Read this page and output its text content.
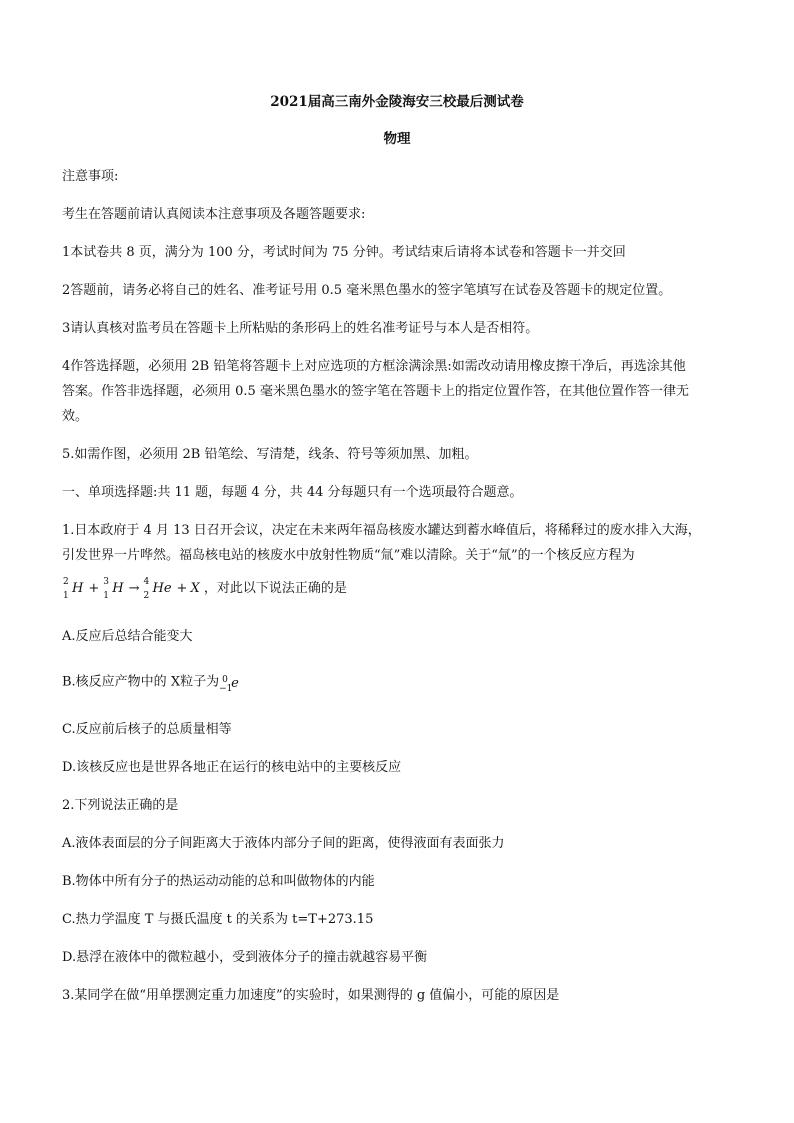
2021届高三南外金陵海安三校最后测试卷
物理
注意事项:
考生在答题前请认真阅读本注意事项及各题答题要求:
1本试卷共 8 页，满分为 100 分，考试时间为 75 分钟。考试结束后请将本试卷和答题卡一并交回
2答题前，请务必将自己的姓名、准考证号用 0.5 毫米黑色墨水的签字笔填写在试卷及答题卡的规定位置。
3请认真核对监考员在答题卡上所粘贴的条形码上的姓名准考证号与本人是否相符。
4作答选择题，必须用 2B 铅笔将答题卡上对应选项的方框涂满涂黑:如需改动请用橡皮擦干净后，再选涂其他
答案。作答非选择题，必须用 0.5 毫米黑色墨水的签字笔在答题卡上的指定位置作答，在其他位置作答一律无
效。
5.如需作图，必须用 2B 铅笔绘、写清楚，线条、符号等须加黑、加粗。
一、单项选择题:共 11 题，每题 4 分，共 44 分每题只有一个选项最符合题意。
1.日本政府于 4 月 13 日召开会议，决定在未来两年福岛核废水罐达到蓄水峰值后，将稀释过的废水排入大海，
引发世界一片哗然。福岛核电站的核废水中放射性物质“氚”难以清除。关于“氚”的一个核反应方程为
2
1 H + 3
1 H → 4
2 He + X ，对此以下说法正确的是
A.反应后总结合能变大
B.核反应产物中的 X粒子为 0
−1
e
C.反应前后核子的总质量相等
D.该核反应也是世界各地正在运行的核电站中的主要核反应
2.下列说法正确的是
A.液体表面层的分子间距离大于液体内部分子间的距离，使得液面有表面张力
B.物体中所有分子的热运动动能的总和叫做物体的内能
C.热力学温度 T 与摄氏温度 t 的关系为 t=T+273.15
D.悬浮在液体中的微粒越小，受到液体分子的撞击就越容易平衡
3.某同学在做“用单摆测定重力加速度”的实验时，如果测得的 g 值偏小，可能的原因是
